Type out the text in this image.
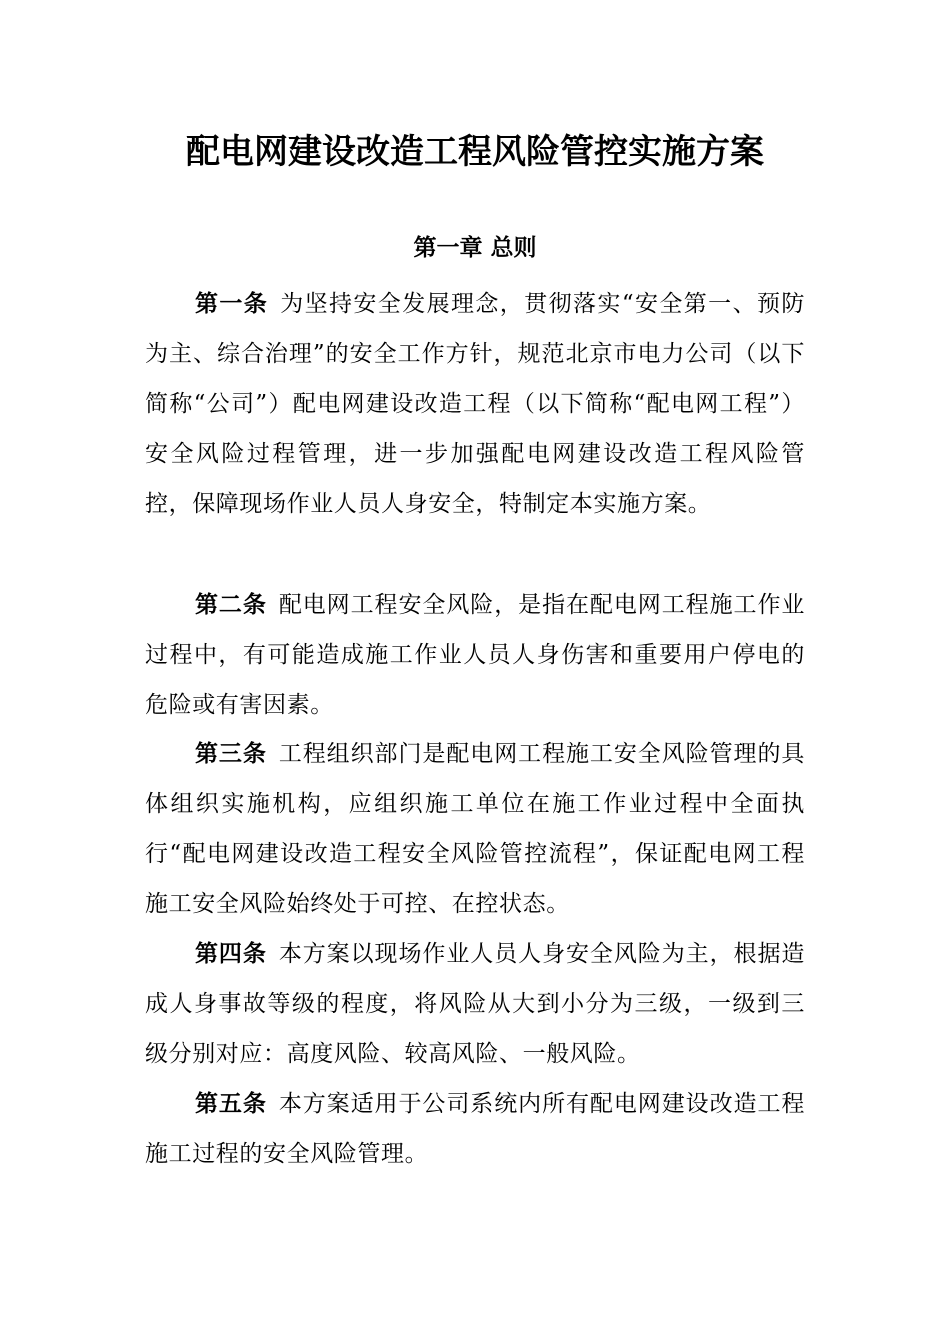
配电网建设改造工程风险管控实施方案
第一章 总则

第一条 为坚持安全发展理念，贯彻落实“安全第一、预防为主、综合治理”的安全工作方针，规范北京市电力公司（以下简称“公司”）配电网建设改造工程（以下简称“配电网工程”）安全风险过程管理，进一步加强配电网建设改造工程风险管控，保障现场作业人员人身安全，特制定本实施方案。

第二条 配电网工程安全风险，是指在配电网工程施工作业过程中，有可能造成施工作业人员人身伤害和重要用户停电的危险或有害因素。

第三条 工程组织部门是配电网工程施工安全风险管理的具体组织实施机构，应组织施工单位在施工作业过程中全面执行“配电网建设改造工程安全风险管控流程”，保证配电网工程施工安全风险始终处于可控、在控状态。

第四条 本方案以现场作业人员人身安全风险为主，根据造成人身事故等级的程度，将风险从大到小分为三级，一级到三级分别对应：高度风险、较高风险、一般风险。

第五条 本方案适用于公司系统内所有配电网建设改造工程施工过程的安全风险管理。
